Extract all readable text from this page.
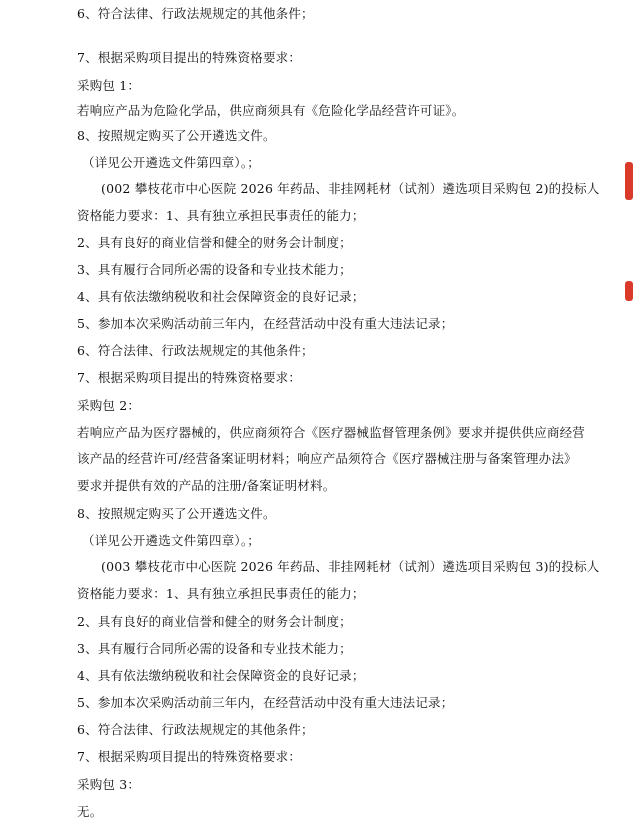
6、符合法律、行政法规规定的其他条件；
7、根据采购项目提出的特殊资格要求：
采购包 1：
若响应产品为危险化学品，供应商须具有《危险化学品经营许可证》。
8、按照规定购买了公开遴选文件。
（详见公开遴选文件第四章）。；
(002 攀枝花市中心医院 2026 年药品、非挂网耗材（试剂）遴选项目采购包 2)的投标人
资格能力要求：1、具有独立承担民事责任的能力；
2、具有良好的商业信誉和健全的财务会计制度；
3、具有履行合同所必需的设备和专业技术能力；
4、具有依法缴纳税收和社会保障资金的良好记录；
5、参加本次采购活动前三年内，在经营活动中没有重大违法记录；
6、符合法律、行政法规规定的其他条件；
7、根据采购项目提出的特殊资格要求：
采购包 2：
若响应产品为医疗器械的，供应商须符合《医疗器械监督管理条例》要求并提供供应商经营
该产品的经营许可/经营备案证明材料；响应产品须符合《医疗器械注册与备案管理办法》
要求并提供有效的产品的注册/备案证明材料。
8、按照规定购买了公开遴选文件。
（详见公开遴选文件第四章）。；
(003 攀枝花市中心医院 2026 年药品、非挂网耗材（试剂）遴选项目采购包 3)的投标人
资格能力要求：1、具有独立承担民事责任的能力；
2、具有良好的商业信誉和健全的财务会计制度；
3、具有履行合同所必需的设备和专业技术能力；
4、具有依法缴纳税收和社会保障资金的良好记录；
5、参加本次采购活动前三年内，在经营活动中没有重大违法记录；
6、符合法律、行政法规规定的其他条件；
7、根据采购项目提出的特殊资格要求：
采购包 3：
无。
